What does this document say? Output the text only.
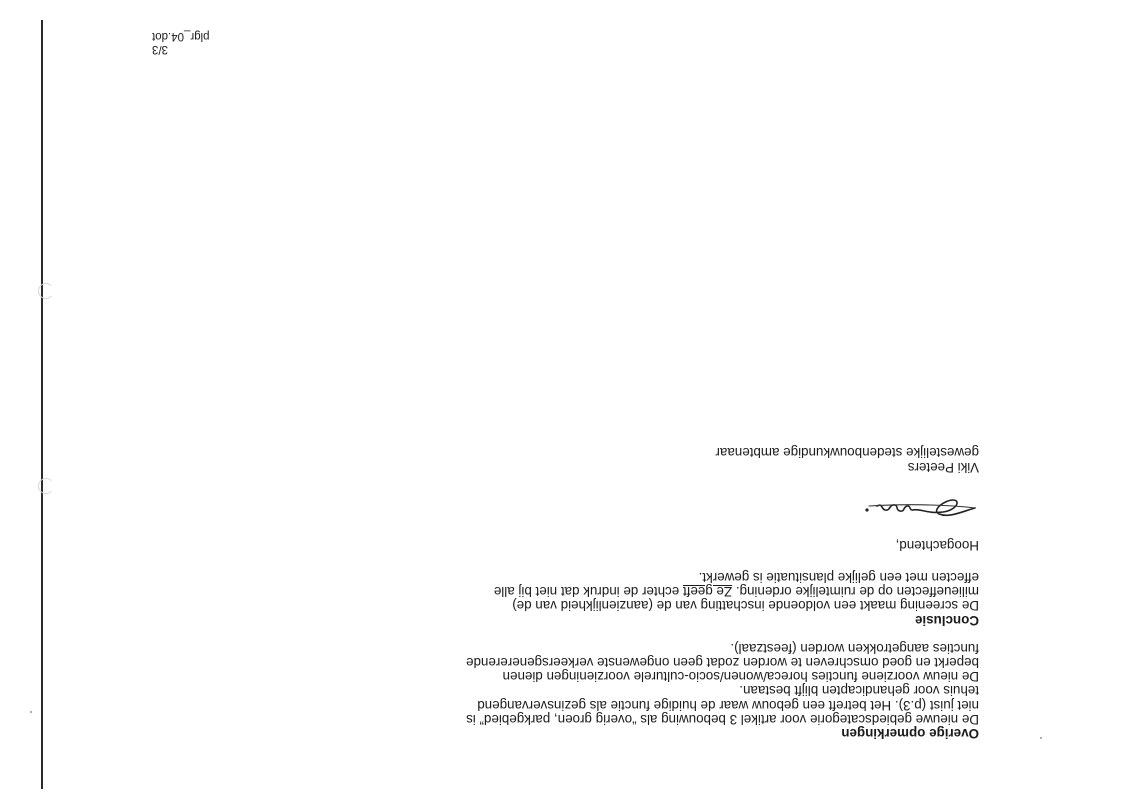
Overige opmerkingen

De nieuwe gebiedscategorie voor artikel 3 bebouwing als “overig groen, parkgebied” is

niet juist (p.3). Het betreft een gebouw waar de huidige functie als gezinsvervangend

tehuis voor gehandicapten blijft bestaan.

De nieuw voorziene functies horeca/wonen/socio-culturele voorzieningen dienen

beperkt en goed omschreven te worden zodat geen ongewenste verkeersgenererende

functies aangetrokken worden (feestzaal).

Conclusie

De screening maakt een voldoende inschatting van de (aanzienlijkheid van de)

milieueffecten op de ruimtelijke ordening. Ze geeft echter de indruk dat niet bij alle

effecten met een gelijke plansituatie is gewerkt.

Hoogachtend,

Viki Peeters

gewestelijke stedenbouwkundige ambtenaar

3/3
plgr_04.dot
